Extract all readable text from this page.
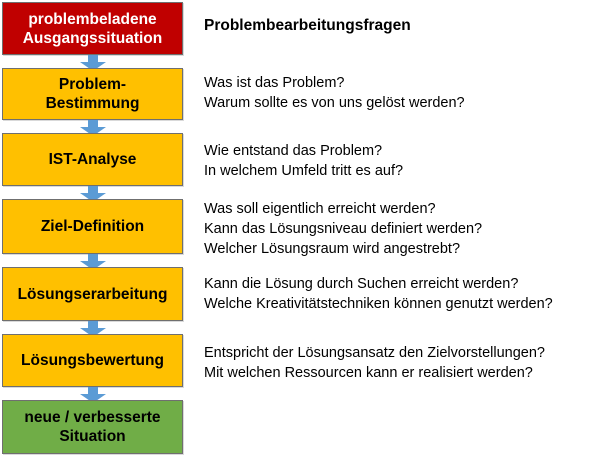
problembeladene
Ausgangssituation
Problem-
Bestimmung
IST-Analyse
Ziel-Definition
Lösungserarbeitung
Lösungsbewertung
neue / verbesserte
Situation
Problembearbeitungsfragen
Was ist das Problem?
Warum sollte es von uns gelöst werden?
Wie entstand das Problem?
In welchem Umfeld tritt es auf?
Was soll eigentlich erreicht werden?
Kann das Lösungsniveau definiert werden?
Welcher Lösungsraum wird angestrebt?
Kann die Lösung durch Suchen erreicht werden?
Welche Kreativitätstechniken können genutzt werden?
Entspricht der Lösungsansatz den Zielvorstellungen?
Mit welchen Ressourcen kann er realisiert werden?
